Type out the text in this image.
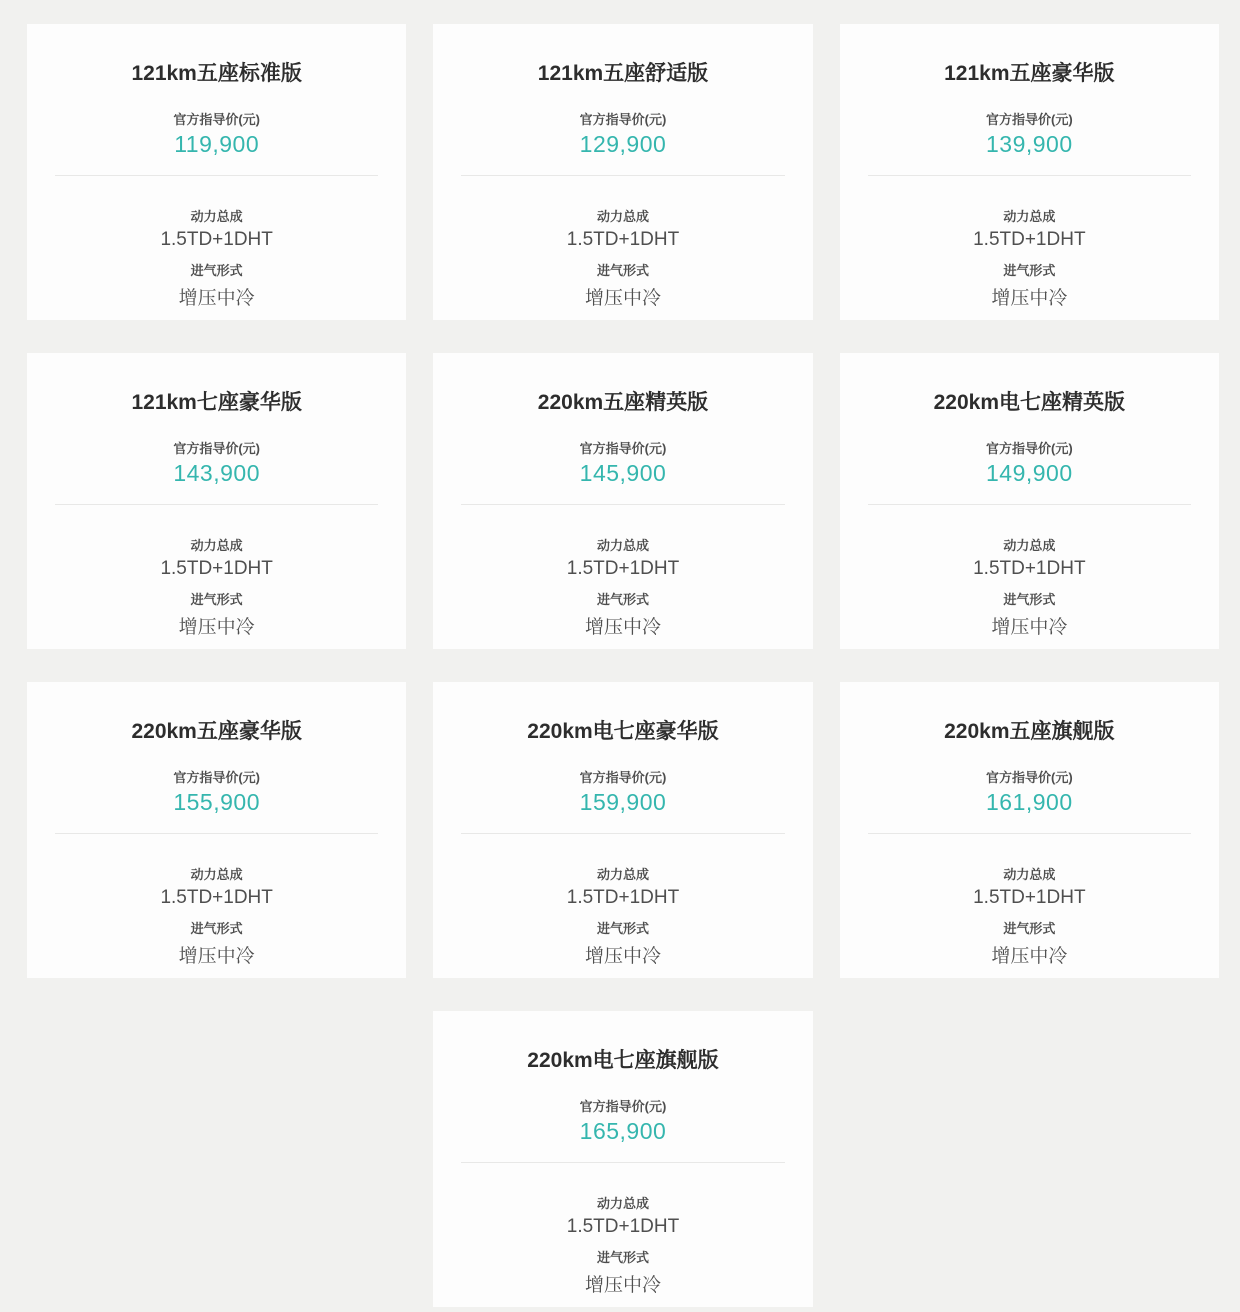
121km五座标准版
官方指导价(元)
119,900
动力总成
1.5TD+1DHT
进气形式
增压中冷
121km五座舒适版
官方指导价(元)
129,900
动力总成
1.5TD+1DHT
进气形式
增压中冷
121km五座豪华版
官方指导价(元)
139,900
动力总成
1.5TD+1DHT
进气形式
增压中冷
121km七座豪华版
官方指导价(元)
143,900
动力总成
1.5TD+1DHT
进气形式
增压中冷
220km五座精英版
官方指导价(元)
145,900
动力总成
1.5TD+1DHT
进气形式
增压中冷
220km电七座精英版
官方指导价(元)
149,900
动力总成
1.5TD+1DHT
进气形式
增压中冷
220km五座豪华版
官方指导价(元)
155,900
动力总成
1.5TD+1DHT
进气形式
增压中冷
220km电七座豪华版
官方指导价(元)
159,900
动力总成
1.5TD+1DHT
进气形式
增压中冷
220km五座旗舰版
官方指导价(元)
161,900
动力总成
1.5TD+1DHT
进气形式
增压中冷
220km电七座旗舰版
官方指导价(元)
165,900
动力总成
1.5TD+1DHT
进气形式
增压中冷
